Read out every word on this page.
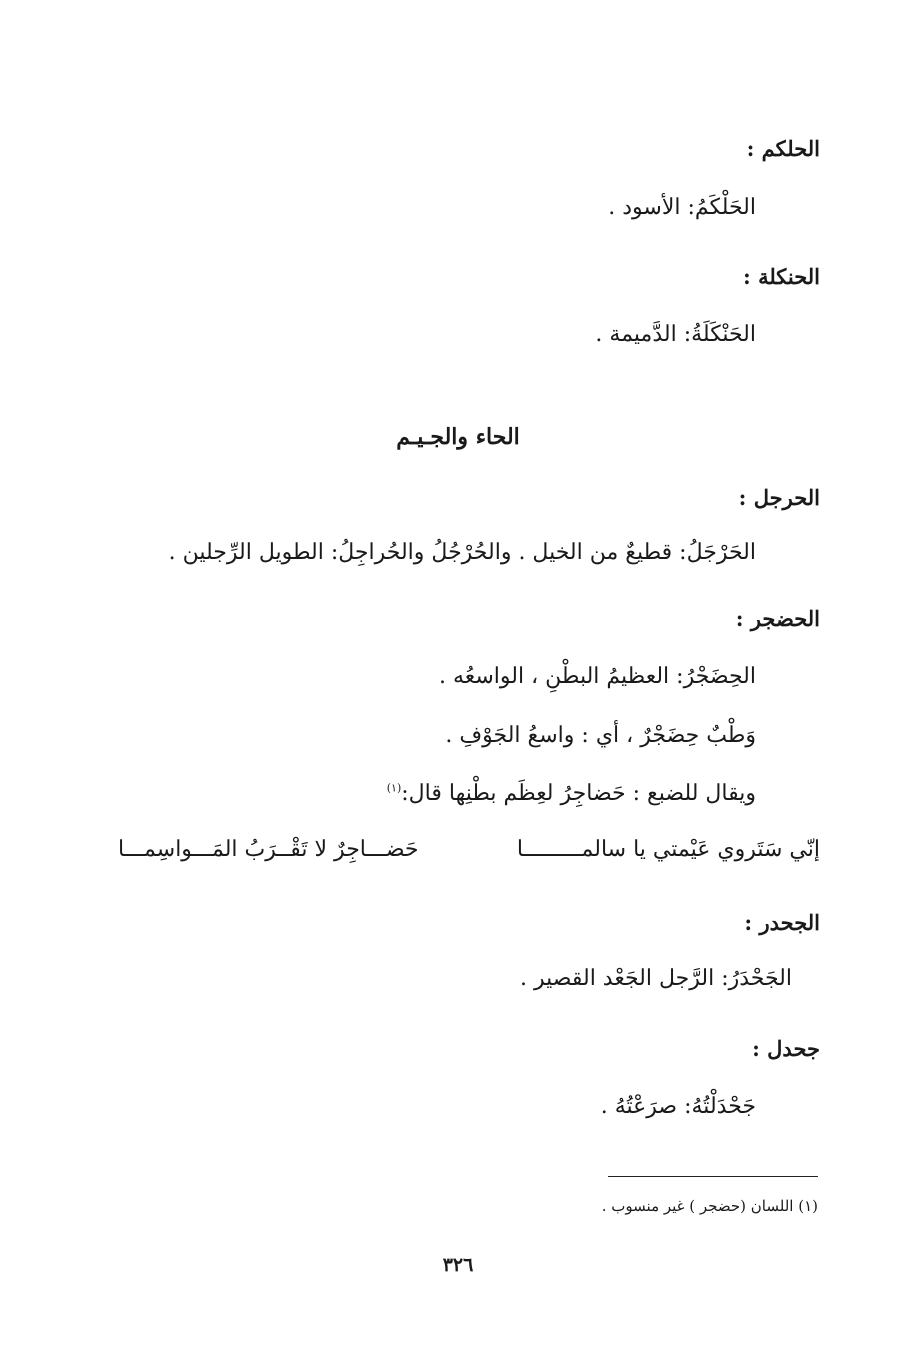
الحلكم :
الحَلْكَمُ: الأسود .
الحنكلة :
الحَنْكَلَةُ: الدَّميمة .
الحاء والجـيـم
الحرجل :
الحَرْجَلُ: قطيعٌ من الخيل . والحُرْجُلُ والحُراجِلُ: الطويل الرِّجلين .
الحضجر :
الحِضَجْرُ: العظيمُ البطْنِ ، الواسعُه .
وَطْبٌ حِضَجْرٌ ، أي : واسعُ الجَوْفِ .
ويقال للضبع : حَضاجِرُ لعِظَم بطْنِها قال:$^{(١)}$
إنّي سَتَروي عَيْمتي يا سالمـــــــــا
حَضـــاجِرٌ لا تَقْــرَبُ المَـــواسِمـــا
الجحدر :
الجَحْدَرُ: الرَّجل الجَعْد القصير .
جحدل :
جَحْدَلْتُهُ: صرَعْتُهُ .
(١) اللسان (حضجر ) غير منسوب .
٣٢٦
